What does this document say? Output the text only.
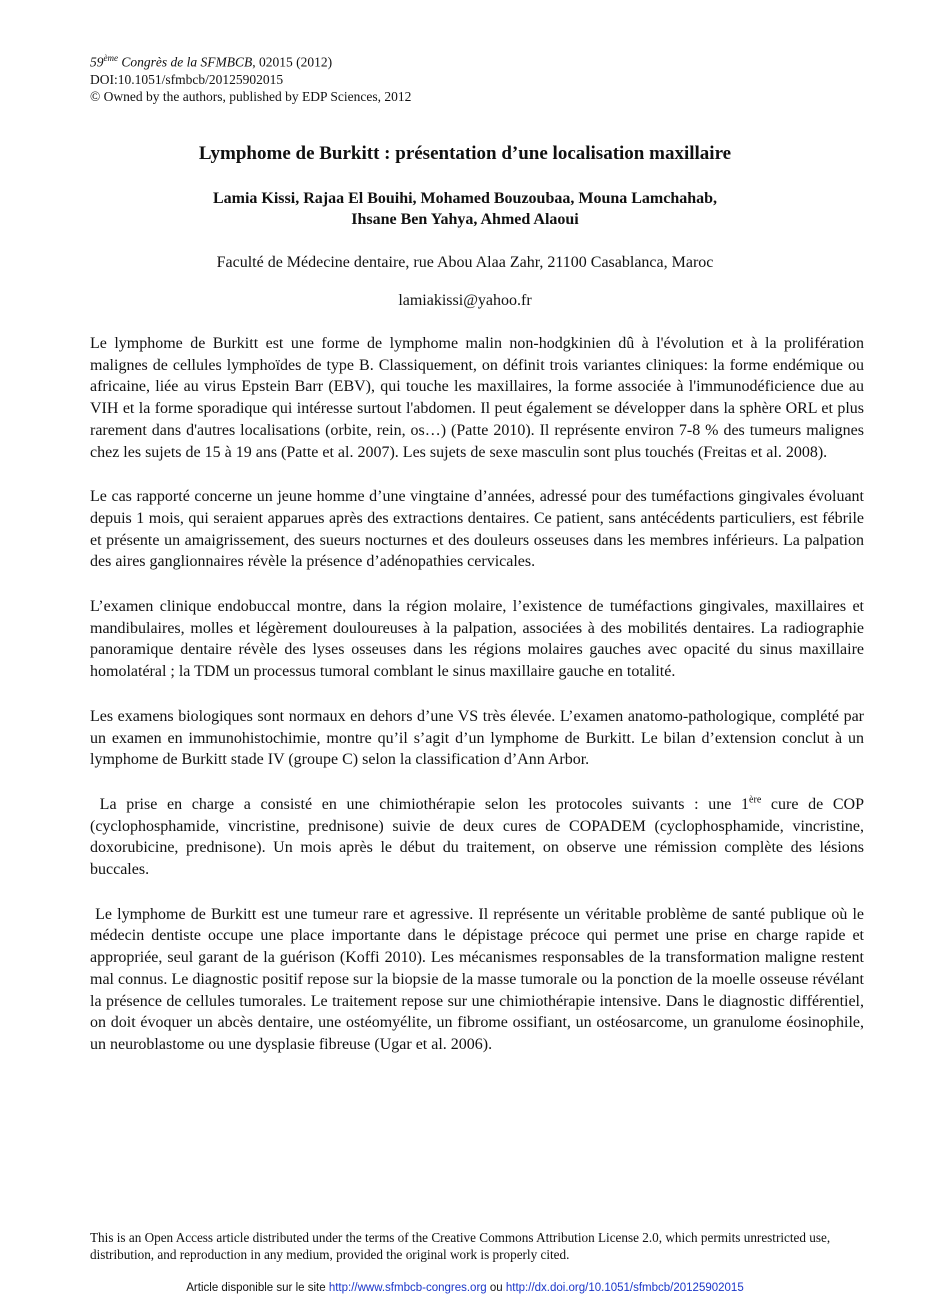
59ème Congrès de la SFMBCB, 02015 (2012)
DOI:10.1051/sfmbcb/20125902015
© Owned by the authors, published by EDP Sciences, 2012
Lymphome de Burkitt : présentation d’une localisation maxillaire
Lamia Kissi, Rajaa El Bouihi, Mohamed Bouzoubaa, Mouna Lamchahab,
Ihsane Ben Yahya, Ahmed Alaoui
Faculté de Médecine dentaire, rue Abou Alaa Zahr, 21100 Casablanca, Maroc
lamiakissi@yahoo.fr

Le lymphome de Burkitt est une forme de lymphome malin non-hodgkinien dû à l'évolution et à la prolifération malignes de cellules lymphoïdes de type B. Classiquement, on définit trois variantes cliniques: la forme endémique ou africaine, liée au virus Epstein Barr (EBV), qui touche les maxillaires, la forme associée à l'immunodéficience due au VIH et la forme sporadique qui intéresse surtout l'abdomen. Il peut également se développer dans la sphère ORL et plus rarement dans d'autres localisations (orbite, rein, os…) (Patte 2010). Il représente environ 7-8 % des tumeurs malignes chez les sujets de 15 à 19 ans (Patte et al. 2007). Les sujets de sexe masculin sont plus touchés (Freitas et al. 2008).

Le cas rapporté concerne un jeune homme d’une vingtaine d’années, adressé pour des tuméfactions gingivales évoluant depuis 1 mois, qui seraient apparues après des extractions dentaires. Ce patient, sans antécédents particuliers, est fébrile et présente un amaigrissement, des sueurs nocturnes et des douleurs osseuses dans les membres inférieurs. La palpation des aires ganglionnaires révèle la présence d’adénopathies cervicales.

L’examen clinique endobuccal montre, dans la région molaire, l’existence de tuméfactions gingivales, maxillaires et mandibulaires, molles et légèrement douloureuses à la palpation, associées à des mobilités dentaires. La radiographie panoramique dentaire révèle des lyses osseuses dans les régions molaires gauches avec opacité du sinus maxillaire homolatéral ; la TDM un processus tumoral comblant le sinus maxillaire gauche en totalité.

Les examens biologiques sont normaux en dehors d’une VS très élevée. L’examen anatomo-pathologique, complété par un examen en immunohistochimie, montre qu’il s’agit d’un lymphome de Burkitt. Le bilan d’extension conclut à un lymphome de Burkitt stade IV (groupe C) selon la classification d’Ann Arbor.

La prise en charge a consisté en une chimiothérapie selon les protocoles suivants : une 1ère cure de COP (cyclophosphamide, vincristine, prednisone) suivie de deux cures de COPADEM (cyclophosphamide, vincristine, doxorubicine, prednisone). Un mois après le début du traitement, on observe une rémission complète des lésions buccales.

Le lymphome de Burkitt est une tumeur rare et agressive. Il représente un véritable problème de santé publique où le médecin dentiste occupe une place importante dans le dépistage précoce qui permet une prise en charge rapide et appropriée, seul garant de la guérison (Koffi 2010). Les mécanismes responsables de la transformation maligne restent mal connus. Le diagnostic positif repose sur la biopsie de la masse tumorale ou la ponction de la moelle osseuse révélant la présence de cellules tumorales. Le traitement repose sur une chimiothérapie intensive. Dans le diagnostic différentiel, on doit évoquer un abcès dentaire, une ostéomyélite, un fibrome ossifiant, un ostéosarcome, un granulome éosinophile, un neuroblastome ou une dysplasie fibreuse (Ugar et al. 2006).

This is an Open Access article distributed under the terms of the Creative Commons Attribution License 2.0, which permits unrestricted use, distribution, and reproduction in any medium, provided the original work is properly cited.
Article disponible sur le site http://www.sfmbcb-congres.org ou http://dx.doi.org/10.1051/sfmbcb/20125902015
